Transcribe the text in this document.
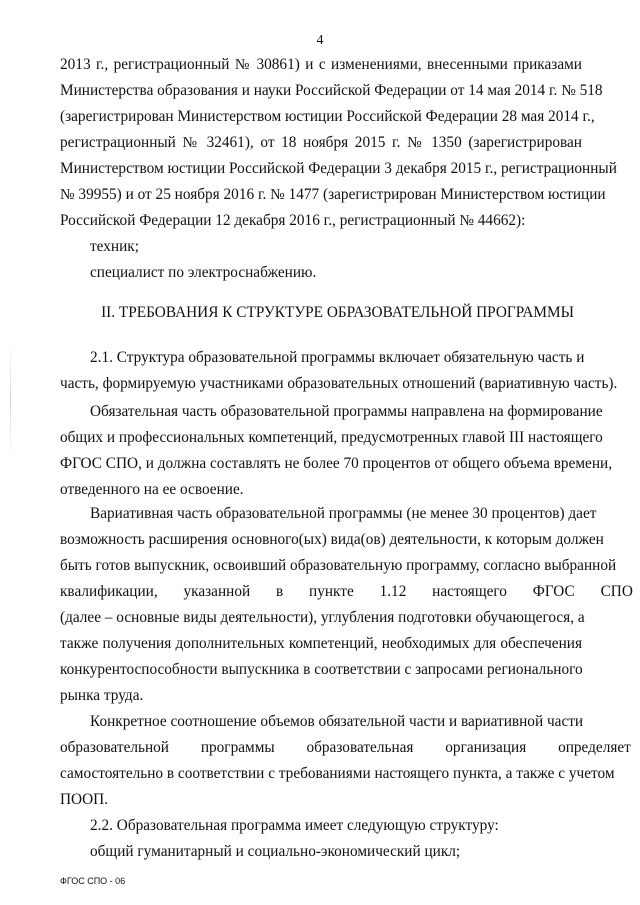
4
2013 г., регистрационный № 30861) и с изменениями, внесенными приказами
Министерства образования и науки Российской Федерации от 14 мая 2014 г. № 518
(зарегистрирован Министерством юстиции Российской Федерации 28 мая 2014 г.,
регистрационный № 32461), от 18 ноября 2015 г. № 1350 (зарегистрирован
Министерством юстиции Российской Федерации 3 декабря 2015 г., регистрационный
№ 39955) и от 25 ноября 2016 г. № 1477 (зарегистрирован Министерством юстиции
Российской Федерации 12 декабря 2016 г., регистрационный № 44662):
техник;
специалист по электроснабжению.
II. ТРЕБОВАНИЯ К СТРУКТУРЕ ОБРАЗОВАТЕЛЬНОЙ ПРОГРАММЫ
2.1. Структура образовательной программы включает обязательную часть и
часть, формируемую участниками образовательных отношений (вариативную часть).
Обязательная часть образовательной программы направлена на формирование
общих и профессиональных компетенций, предусмотренных главой III настоящего
ФГОС СПО, и должна составлять не более 70 процентов от общего объема времени,
отведенного на ее освоение.
Вариативная часть образовательной программы (не менее 30 процентов) дает
возможность расширения основного(ых) вида(ов) деятельности, к которым должен
быть готов выпускник, освоивший образовательную программу, согласно выбранной
квалификации, указанной в пункте 1.12 настоящего ФГОС СПО
(далее – основные виды деятельности), углубления подготовки обучающегося, а
также получения дополнительных компетенций, необходимых для обеспечения
конкурентоспособности выпускника в соответствии с запросами регионального
рынка труда.
Конкретное соотношение объемов обязательной части и вариативной части
образовательной программы образовательная организация определяет
самостоятельно в соответствии с требованиями настоящего пункта, а также с учетом
ПООП.
2.2. Образовательная программа имеет следующую структуру:
общий гуманитарный и социально-экономический цикл;
ФГОС СПО - 06
